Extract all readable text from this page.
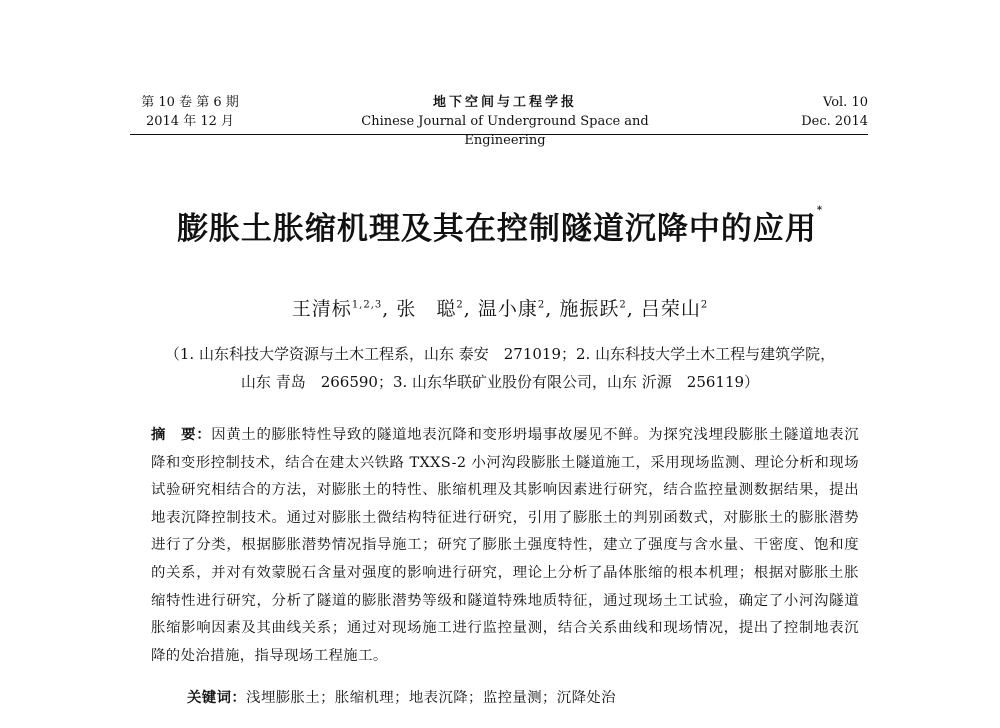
第 10 卷 第 6 期
2014 年 12 月
地下空间与工程学报
Chinese Journal of Underground Space and Engineering
Vol. 10
Dec. 2014
膨胀土胀缩机理及其在控制隧道沉降中的应用*
王清标$^{1,2,3}$, 张　聪$^2$, 温小康$^2$, 施振跃$^2$, 吕荣山$^2$
（1. 山东科技大学资源与土木工程系，山东 泰安　271019；2. 山东科技大学土木工程与建筑学院，
山东 青岛　266590；3. 山东华联矿业股份有限公司，山东 沂源　256119）
摘　要：因黄土的膨胀特性导致的隧道地表沉降和变形坍塌事故屡见不鲜。为探究浅埋段膨胀土隧道地表沉降和变形控制技术，结合在建太兴铁路 TXXS-2 小河沟段膨胀土隧道施工，采用现场监测、理论分析和现场试验研究相结合的方法，对膨胀土的特性、胀缩机理及其影响因素进行研究，结合监控量测数据结果，提出地表沉降控制技术。通过对膨胀土微结构特征进行研究，引用了膨胀土的判别函数式，对膨胀土的膨胀潜势进行了分类，根据膨胀潜势情况指导施工；研究了膨胀土强度特性，建立了强度与含水量、干密度、饱和度的关系，并对有效蒙脱石含量对强度的影响进行研究，理论上分析了晶体胀缩的根本机理；根据对膨胀土胀缩特性进行研究，分析了隧道的膨胀潜势等级和隧道特殊地质特征，通过现场土工试验，确定了小河沟隧道胀缩影响因素及其曲线关系；通过对现场施工进行监控量测，结合关系曲线和现场情况，提出了控制地表沉降的处治措施，指导现场工程施工。
关键词：浅埋膨胀土；胀缩机理；地表沉降；监控量测；沉降处治
